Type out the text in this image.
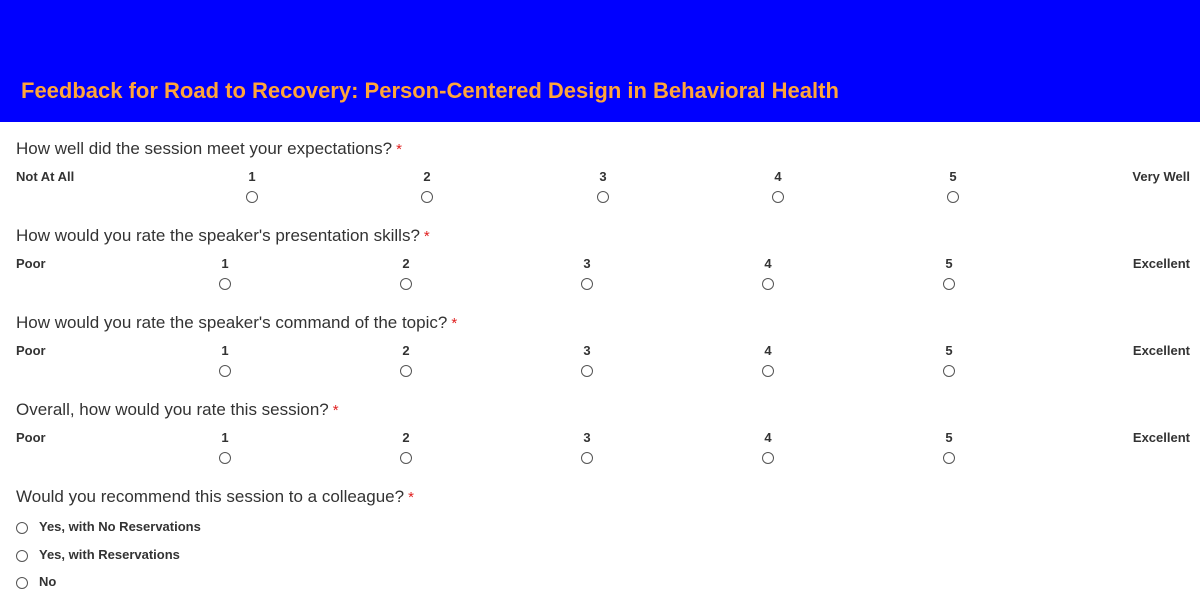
Feedback for Road to Recovery: Person-Centered Design in Behavioral Health
How well did the session meet your expectations? *
Not At All	1	2	3	4	5	Very Well
How would you rate the speaker's presentation skills? *
Poor	1	2	3	4	5	Excellent
How would you rate the speaker's command of the topic? *
Poor	1	2	3	4	5	Excellent
Overall, how would you rate this session? *
Poor	1	2	3	4	5	Excellent
Would you recommend this session to a colleague? *
Yes, with No Reservations
Yes, with Reservations
No
